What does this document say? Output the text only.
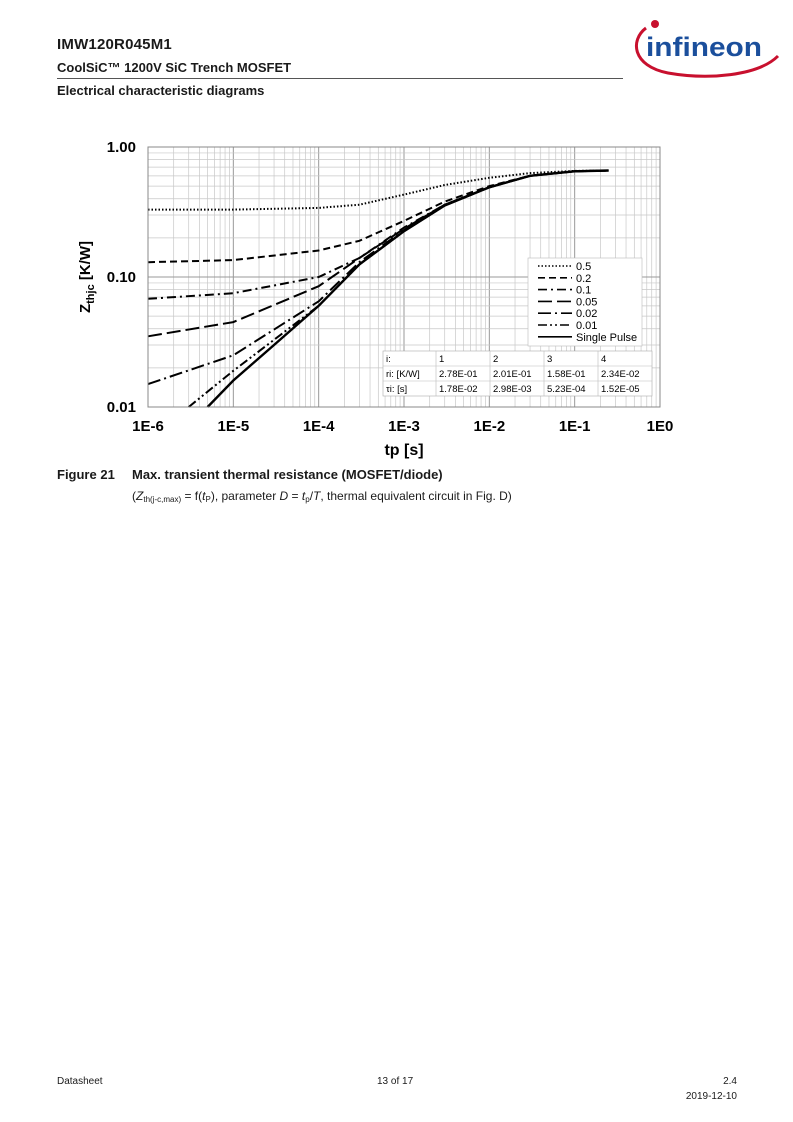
IMW120R045M1
CoolSiC™ 1200V SiC Trench MOSFET
Electrical characteristic diagrams
infineon
1E-6	1E-5	1E-4	1E-3	1E-2	1E-1	1E0
1.00
0.10
0.01
tp [s]
$Z_{thjc}$ [K/W]	0.5
0.2
0.1
0.05
0.02
0.01
Single Pulse
i:	1	2	3	4
ri: [K/W] 2.78E-01 2.01E-01 1.58E-01 2.34E-02
τi: [s]	1.78E-02 2.98E-03 5.23E-04 1.52E-05
Figure 21 Max. transient thermal resistance (MOSFET/diode)
(Zth(j-c,max) = f(tP), parameter D = tp/T, thermal equivalent circuit in Fig. D)
Datasheet	13 of 17	2.4
2019-12-10
